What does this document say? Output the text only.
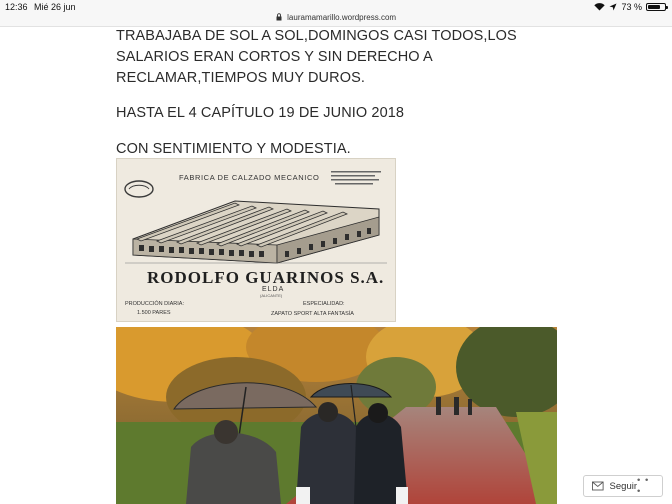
12:36 Mié 26 jun
lauramamarillo.wordpress.com
73 %

TRABAJABA DE SOL A SOL,DOMINGOS CASI TODOS,LOS SALARIOS ERAN CORTOS Y SIN DERECHO A RECLAMAR,TIEMPOS MUY DUROS.

HASTA EL 4 CAPÍTULO 19 DE JUNIO 2018

CON SENTIMIENTO Y MODESTIA.

FABRICA DE CALZADO MECANICO
RODOLFO GUARINOS S.A.
ELDA
(ALICANTE)
PRODUCCIÓN DIARIA:
1.500 PARES
ESPECIALIDAD:
ZAPATO SPORT ALTA FANTASÍA
Seguir • • •
